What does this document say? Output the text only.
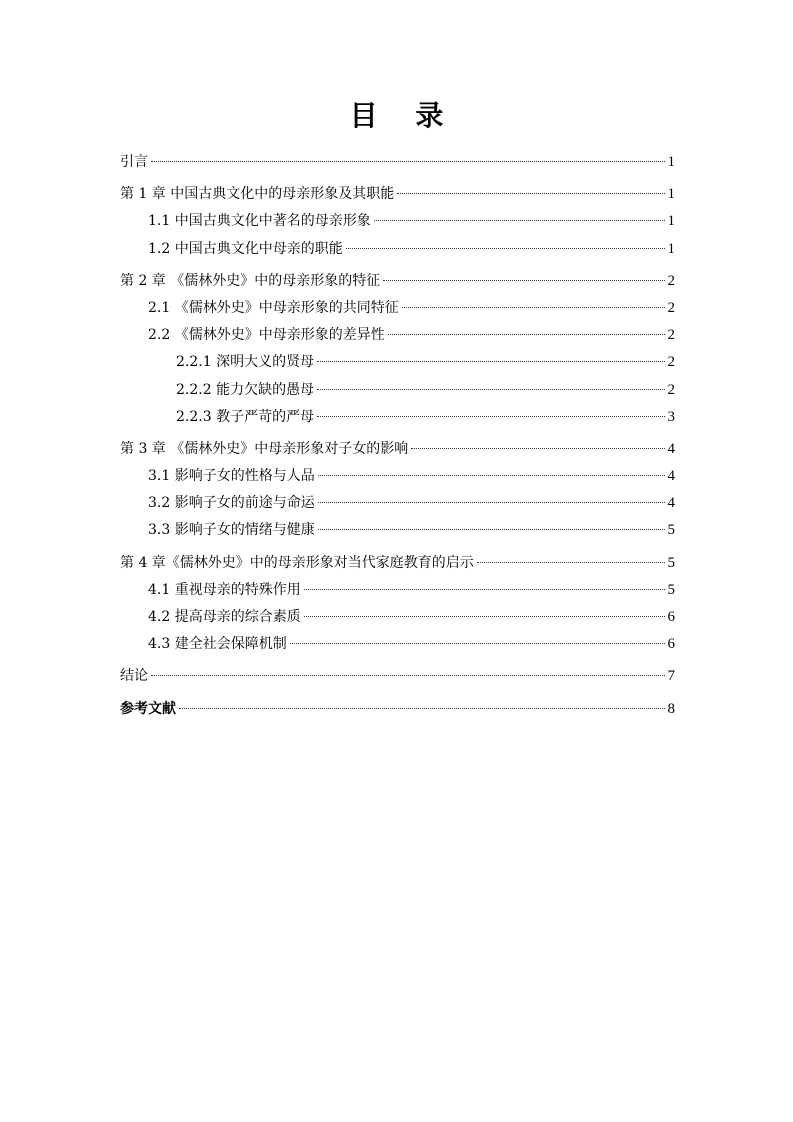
目 录
引言	1
第 1 章 中国古典文化中的母亲形象及其职能	1
1.1 中国古典文化中著名的母亲形象	1
1.2 中国古典文化中母亲的职能	1
第 2 章 《儒林外史》中的母亲形象的特征	2
2.1 《儒林外史》中母亲形象的共同特征	2
2.2 《儒林外史》中母亲形象的差异性	2
2.2.1 深明大义的贤母	2
2.2.2 能力欠缺的愚母	2
2.2.3 教子严苛的严母	3
第 3 章 《儒林外史》中母亲形象对子女的影响	4
3.1 影响子女的性格与人品	4
3.2 影响子女的前途与命运	4
3.3 影响子女的情绪与健康	5
第 4 章《儒林外史》中的母亲形象对当代家庭教育的启示	5
4.1 重视母亲的特殊作用	5
4.2 提高母亲的综合素质	6
4.3 建全社会保障机制	6
结论	7
参考文献	8
